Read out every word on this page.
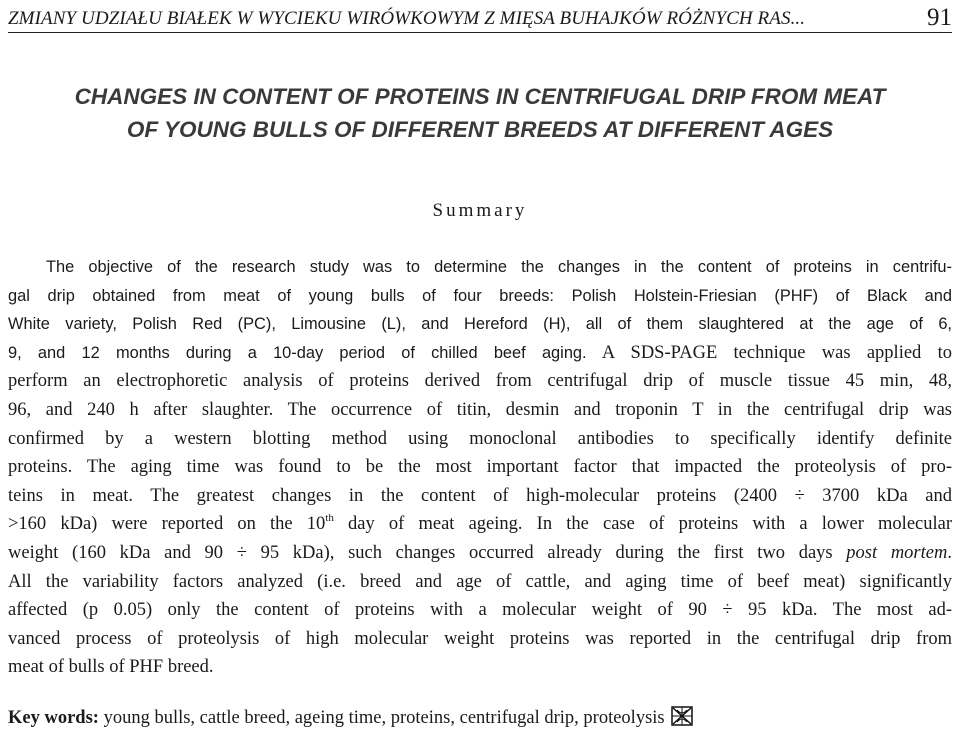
ZMIANY UDZIAŁU BIAŁEK W WYCIEKU WIRÓWKOWYM Z MIĘSA BUHAJKÓW RÓŻNYCH RAS...	91
CHANGES IN CONTENT OF PROTEINS IN CENTRIFUGAL DRIP FROM MEAT
OF YOUNG BULLS OF DIFFERENT BREEDS AT DIFFERENT AGES
Summary
The objective of the research study was to determine the changes in the content of proteins in centrifu-
gal drip obtained from meat of young bulls of four breeds: Polish Holstein-Friesian (PHF) of Black and
White variety, Polish Red (PC), Limousine (L), and Hereford (H), all of them slaughtered at the age of 6,
9, and 12 months during a 10-day period of chilled beef aging. A SDS-PAGE technique was applied to
perform an electrophoretic analysis of proteins derived from centrifugal drip of muscle tissue 45 min, 48,
96, and 240 h after slaughter. The occurrence of titin, desmin and troponin T in the centrifugal drip was
confirmed by a western blotting method using monoclonal antibodies to specifically identify definite
proteins. The aging time was found to be the most important factor that impacted the proteolysis of pro-
teins in meat. The greatest changes in the content of high-molecular proteins (2400 ÷ 3700 kDa and
>160 kDa) were reported on the 10th day of meat ageing. In the case of proteins with a lower molecular
weight (160 kDa and 90 ÷ 95 kDa), such changes occurred already during the first two days post mortem.
All the variability factors analyzed (i.e. breed and age of cattle, and aging time of beef meat) significantly
affected (p 0.05) only the content of proteins with a molecular weight of 90 ÷ 95 kDa. The most ad-
vanced process of proteolysis of high molecular weight proteins was reported in the centrifugal drip from
meat of bulls of PHF breed.
Key words: young bulls, cattle breed, ageing time, proteins, centrifugal drip, proteolysis
